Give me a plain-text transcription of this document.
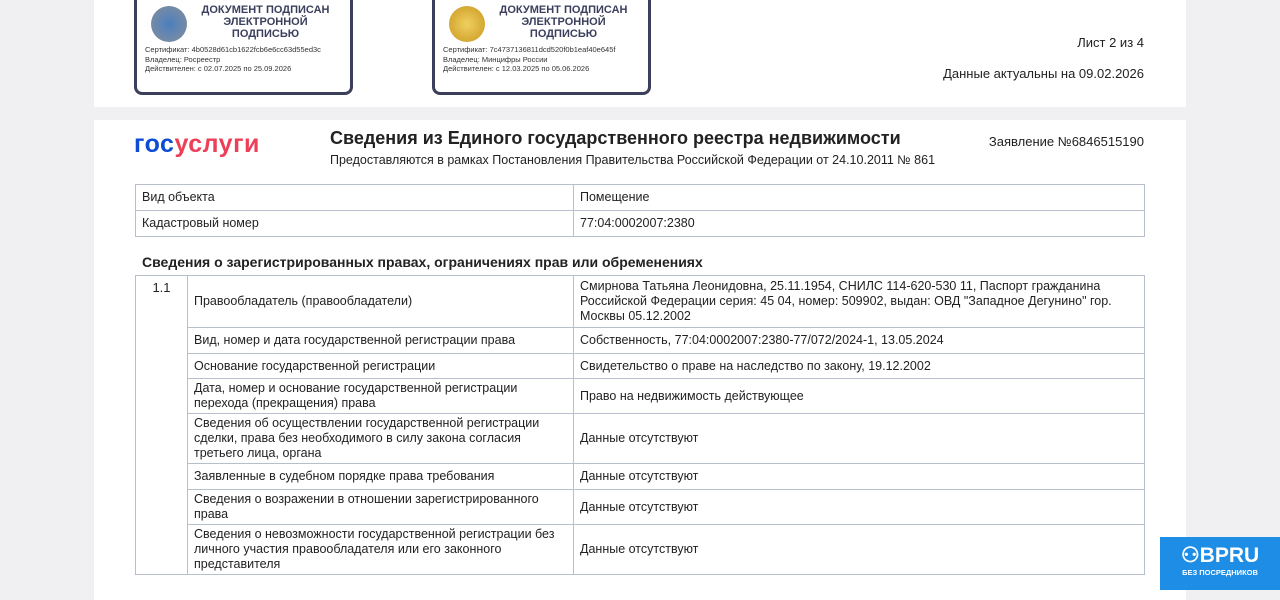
ДОКУМЕНТ ПОДПИСАН ЭЛЕКТРОННОЙ ПОДПИСЬЮ
Сертификат: 4b0528d61cb1622fcb6e6cc63d55ed3c
Владелец: Росреестр
Действителен: с 02.07.2025 по 25.09.2026
ДОКУМЕНТ ПОДПИСАН ЭЛЕКТРОННОЙ ПОДПИСЬЮ
Сертификат: 7c4737136811dcd520f0b1eaf40e645f
Владелец: Минцифры России
Действителен: с 12.03.2025 по 05.06.2026
Лист 2 из 4
Данные актуальны на 09.02.2026
госуслуги	Сведения из Единого государственного реестра недвижимости
Предоставляются в рамках Постановления Правительства Российской Федерации от 24.10.2011 № 861
Заявление №6846515190
Вид объекта	Помещение
Кадастровый номер	77:04:0002007:2380
Сведения о зарегистрированных правах, ограничениях прав или обременениях
1.1	Правообладатель (правообладатели)	Смирнова Татьяна Леонидовна, 25.11.1954, СНИЛС 114-620-530 11, Паспорт гражданина Российской Федерации серия: 45 04, номер: 509902, выдан: ОВД "Западное Дегунино" гор. Москвы 05.12.2002
	Вид, номер и дата государственной регистрации права	Собственность, 77:04:0002007:2380-77/072/2024-1, 13.05.2024
	Основание государственной регистрации	Свидетельство о праве на наследство по закону, 19.12.2002
	Дата, номер и основание государственной регистрации перехода (прекращения) права	Право на недвижимость действующее
	Сведения об осуществлении государственной регистрации сделки, права без необходимого в силу закона согласия третьего лица, органа	Данные отсутствуют
	Заявленные в судебном порядке права требования	Данные отсутствуют
	Сведения о возражении в отношении зарегистрированного права	Данные отсутствуют
	Сведения о невозможности государственной регистрации без личного участия правообладателя или его законного представителя	Данные отсутствуют	⚇BPRU
БЕЗ ПОСРЕДНИКОВ
